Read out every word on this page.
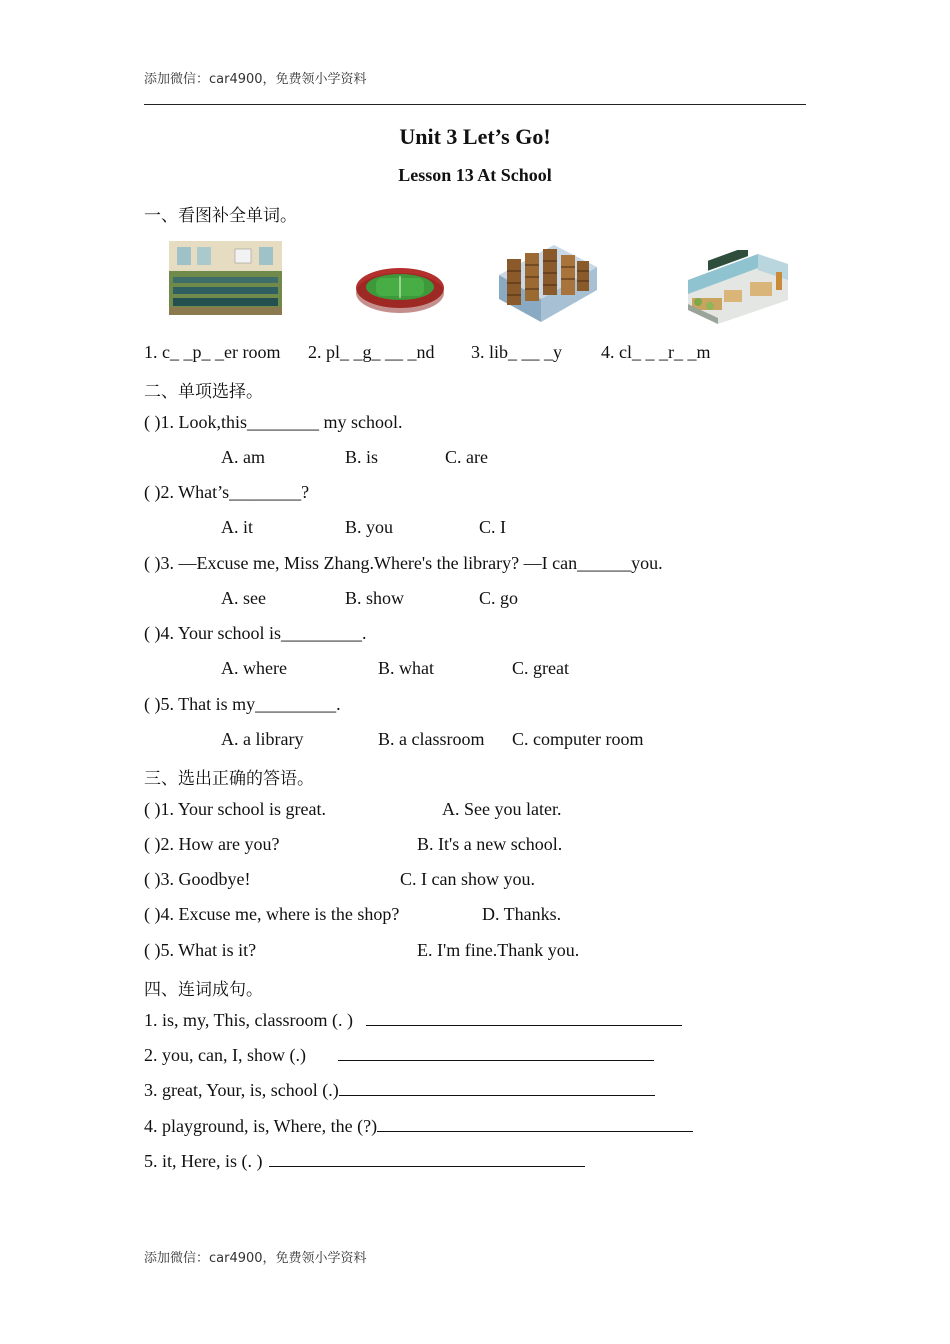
添加微信：car4900，免费领小学资料
Unit 3 Let’s Go!
Lesson 13 At School
一、看图补全单词。
1. c_ _p_ _er room 2. pl_ _g_ __ _nd 3. lib_ __ _y 4. cl_ _ _r_ _m
二、单项选择。
( )1. Look,this________ my school.
A. am	B. is	C. are
( )2. What’s________?
A. it	B. you	C. I
( )3. —Excuse me, Miss Zhang.Where's the library? —I can______you.
A. see	B. show	C. go
( )4. Your school is_________.
A. where	B. what	C. great
( )5. That is my_________.
A. a library	B. a classroom C. computer room
三、选出正确的答语。
( )1. Your school is great.	A. See you later.
( )2. How are you?	B. It's a new school.
( )3. Goodbye!	C. I can show you.
( )4. Excuse me, where is the shop?	D. Thanks.
( )5. What is it?	E. I'm fine.Thank you.
四、连词成句。
1. is, my, This, classroom (. )
2. you, can, I, show (.)
3. great, Your, is, school (.)
4. playground, is, Where, the (?)
5. it, Here, is (. )
添加微信：car4900，免费领小学资料
